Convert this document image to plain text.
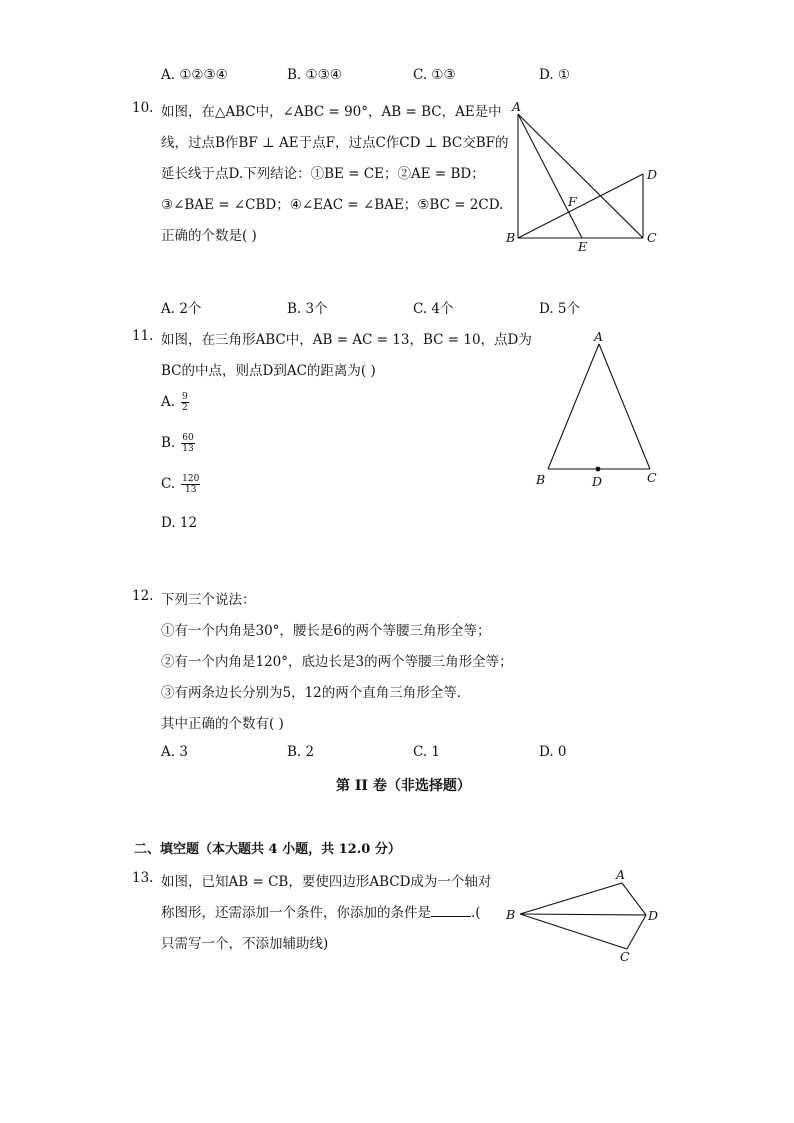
A. ①②③④	B. ①③④	C. ①③	D. ①
10. 如图，在△ABC中，∠ABC = 90°，AB = BC，AE是中
线，过点B作BF ⊥ AE于点F，过点C作CD ⊥ BC交BF的
延长线于点D.下列结论：①BE = CE；②AE = BD；
③∠BAE = ∠CBD；④∠EAC = ∠BAE；⑤BC = 2CD.
正确的个数是( )
A
B	C
D
E
F
A. 2个	B. 3个	C. 4个	D. 5个
11. 如图，在三角形ABC中，AB = AC = 13，BC = 10，点D为
BC的中点，则点D到AC的距离为( )
A. $\frac{9}{2}$
B. $\frac{60}{13}$
C. $\frac{120}{13}$
D. 12
A
B	C
D
12. 下列三个说法：
①有一个内角是30°，腰长是6的两个等腰三角形全等；
②有一个内角是120°，底边长是3的两个等腰三角形全等；
③有两条边长分别为5，12的两个直角三角形全等．
其中正确的个数有( )
A. 3	B. 2	C. 1	D. 0
第 II 卷（非选择题）
二、填空题（本大题共 4 小题，共 12.0 分）
13. 如图，已知AB = CB，要使四边形ABCD成为一个轴对
称图形，还需添加一个条件，你添加的条件是	.(
只需写一个，不添加辅助线)
A
B
C
D
